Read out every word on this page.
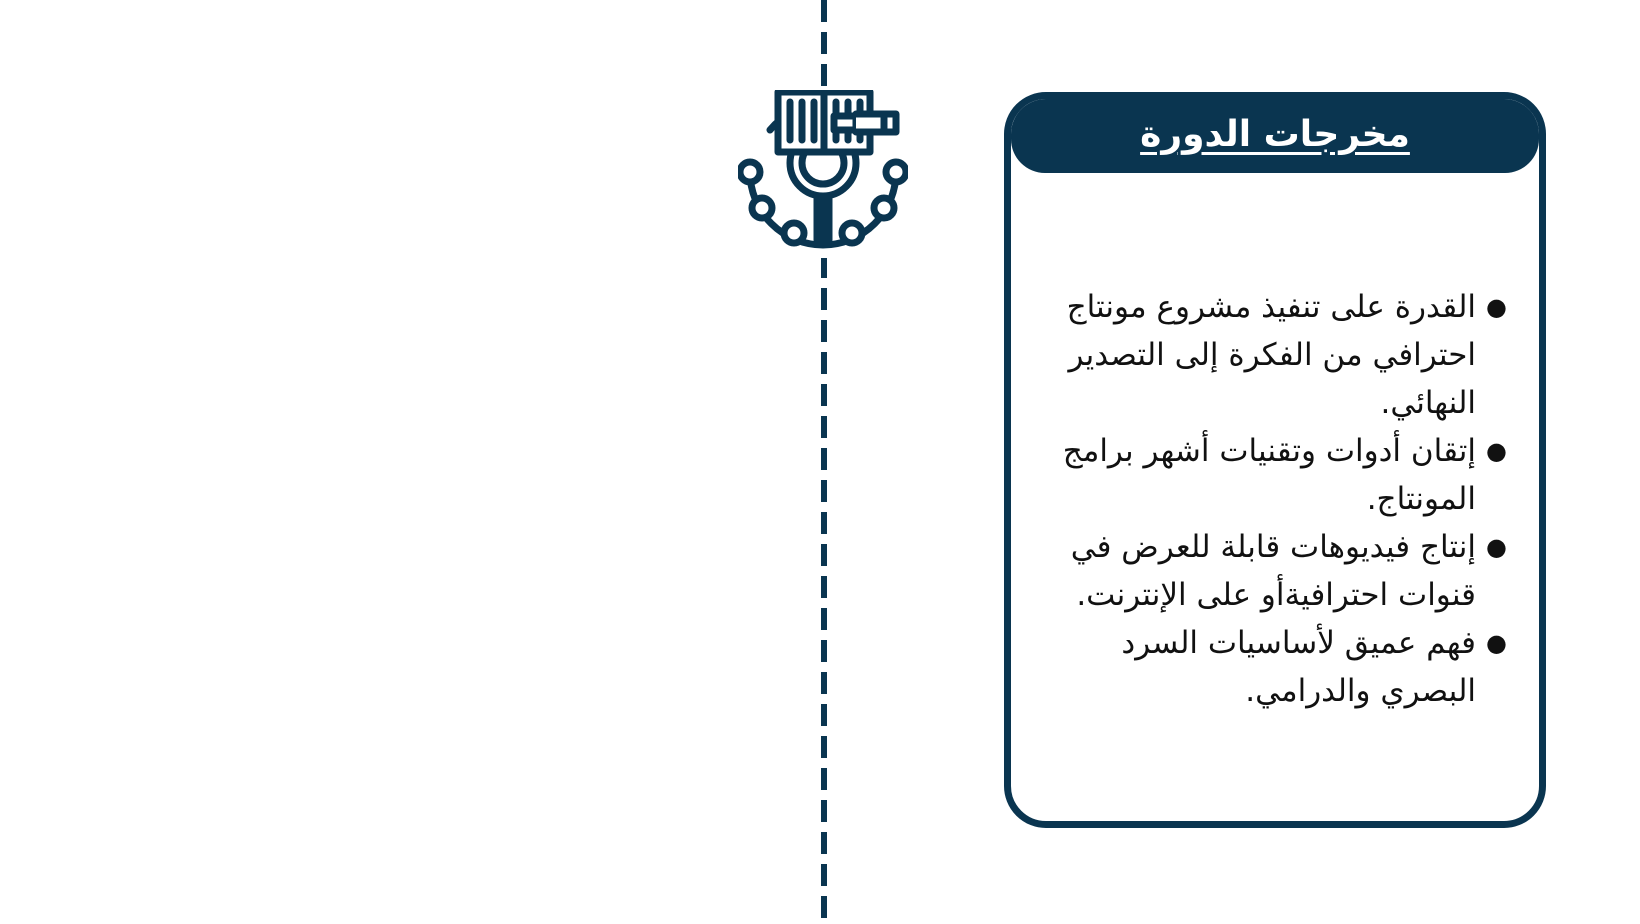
مخرجات الدورة
●
القدرة على تنفيذ مشروع مونتاج احترافي من الفكرة إلى التصدير النهائي.
●
إتقان أدوات وتقنيات أشهر برامج المونتاج.
●
إنتاج فيديوهات قابلة للعرض في قنوات احترافيةأو على الإنترنت.
●
فهم عميق لأساسيات السرد البصري والدرامي.
